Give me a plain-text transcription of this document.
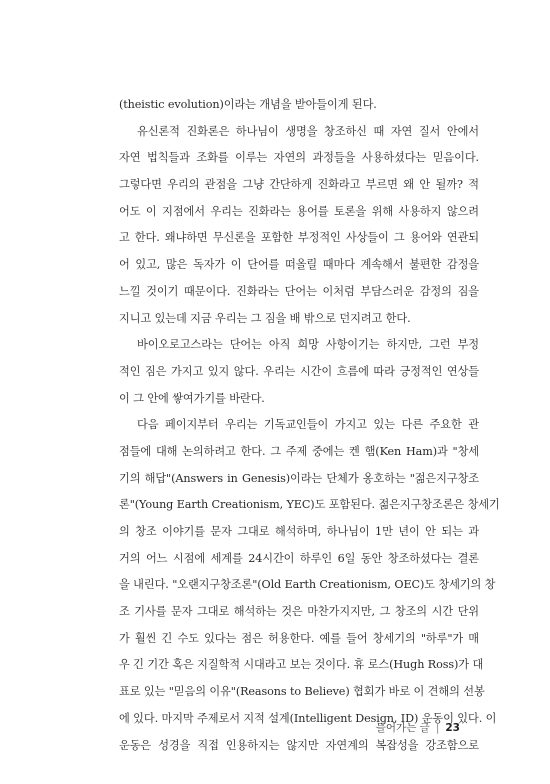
(theistic evolution)이라는 개념을 받아들이게 된다.
유신론적 진화론은 하나님이 생명을 창조하신 때 자연 질서 안에서
자연 법칙들과 조화를 이루는 자연의 과정들을 사용하셨다는 믿음이다.
그렇다면 우리의 관점을 그냥 간단하게 진화라고 부르면 왜 안 될까? 적
어도 이 지점에서 우리는 진화라는 용어를 토론을 위해 사용하지 않으려
고 한다. 왜냐하면 무신론을 포함한 부정적인 사상들이 그 용어와 연관되
어 있고, 많은 독자가 이 단어를 떠올릴 때마다 계속해서 불편한 감정을
느낄 것이기 때문이다. 진화라는 단어는 이처럼 부담스러운 감정의 짐을
지니고 있는데 지금 우리는 그 짐을 배 밖으로 던지려고 한다.
바이오로고스라는 단어는 아직 희망 사항이기는 하지만, 그런 부정
적인 짐은 가지고 있지 않다. 우리는 시간이 흐름에 따라 긍정적인 연상들
이 그 안에 쌓여가기를 바란다.
다음 페이지부터 우리는 기독교인들이 가지고 있는 다른 주요한 관
점들에 대해 논의하려고 한다. 그 주제 중에는 켄 햄(Ken Ham)과 "창세
기의 해답"(Answers in Genesis)이라는 단체가 옹호하는 "젊은지구창조
론"(Young Earth Creationism, YEC)도 포함된다. 젊은지구창조론은 창세기
의 창조 이야기를 문자 그대로 해석하며, 하나님이 1만 년이 안 되는 과
거의 어느 시점에 세계를 24시간이 하루인 6일 동안 창조하셨다는 결론
을 내린다. "오랜지구창조론"(Old Earth Creationism, OEC)도 창세기의 창
조 기사를 문자 그대로 해석하는 것은 마찬가지지만, 그 창조의 시간 단위
가 훨씬 긴 수도 있다는 점은 허용한다. 예를 들어 창세기의 "하루"가 매
우 긴 기간 혹은 지질학적 시대라고 보는 것이다. 휴 로스(Hugh Ross)가 대
표로 있는 "믿음의 이유"(Reasons to Believe) 협회가 바로 이 견해의 선봉
에 있다. 마지막 주제로서 지적 설계(Intelligent Design, ID) 운동이 있다. 이
운동은 성경을 직접 인용하지는 않지만 자연계의 복잡성을 강조함으로
들어가는 글 | 23
